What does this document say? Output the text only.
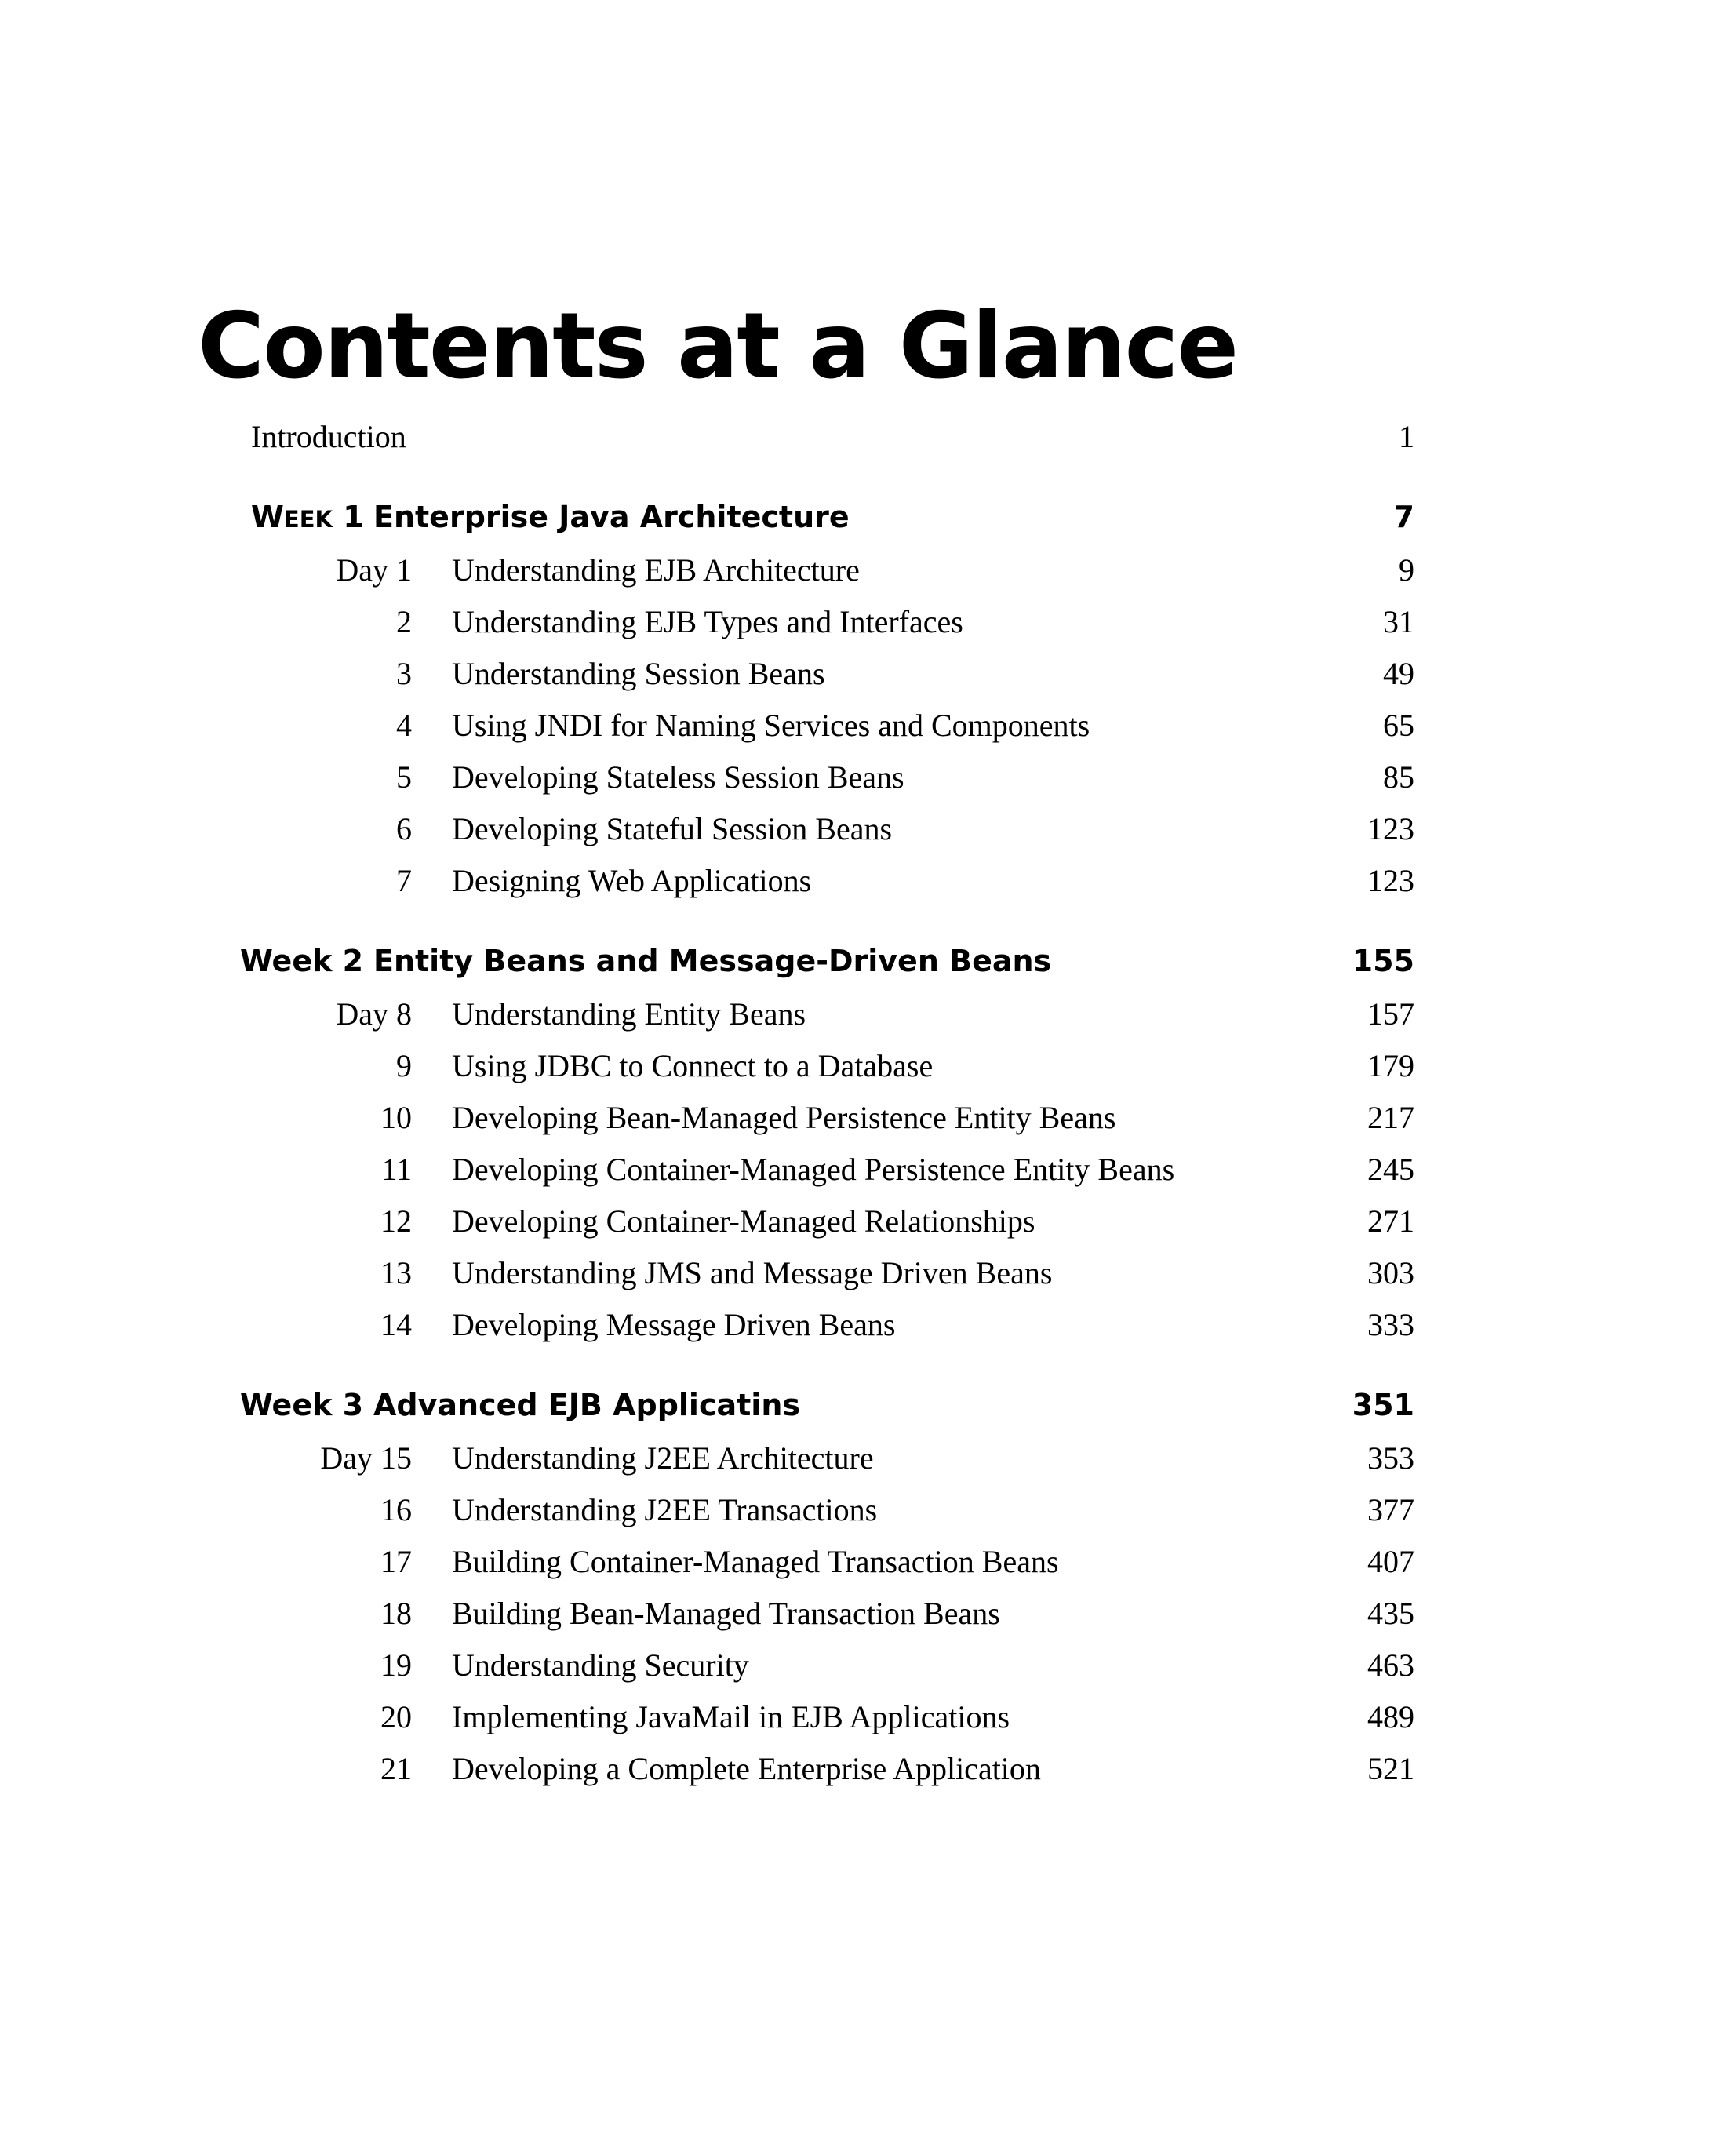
Contents at a Glance
Introduction	1
WEEK 1 Enterprise Java Architecture	7
Day 1 Understanding EJB Architecture	9
2 Understanding EJB Types and Interfaces	31
3 Understanding Session Beans	49
4 Using JNDI for Naming Services and Components	65
5 Developing Stateless Session Beans	85
6 Developing Stateful Session Beans	123
7 Designing Web Applications	123
Week 2 Entity Beans and Message-Driven Beans	155
Day 8 Understanding Entity Beans	157
9 Using JDBC to Connect to a Database	179
10 Developing Bean-Managed Persistence Entity Beans	217
11 Developing Container-Managed Persistence Entity Beans	245
12 Developing Container-Managed Relationships	271
13 Understanding JMS and Message Driven Beans	303
14 Developing Message Driven Beans	333
Week 3 Advanced EJB Applicatins	351
Day 15 Understanding J2EE Architecture	353
16 Understanding J2EE Transactions	377
17 Building Container-Managed Transaction Beans	407
18 Building Bean-Managed Transaction Beans	435
19 Understanding Security	463
20 Implementing JavaMail in EJB Applications	489
21 Developing a Complete Enterprise Application	521
